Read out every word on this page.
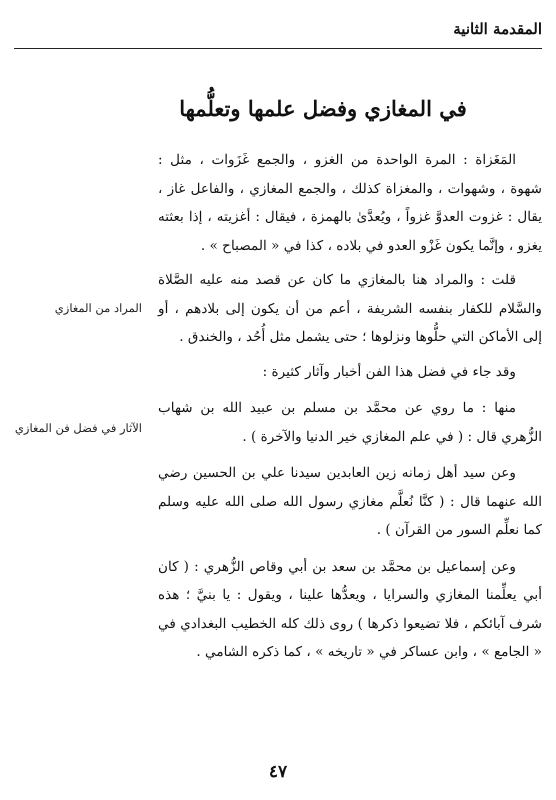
المقدمة الثانية
في المغازي وفضل علمها وتعلُّمها

المَغَزاة : المرة الواحدة من الغزو ، والجمع غَزَوات ، مثل : شهوة ، وشهوات ، والمغزاة كذلك ، والجمع المغازي ، والفاعل غاز ، يقال : غزوت العدوَّ غزواً ، ويُعدَّىٰ بالهمزة ، فيقال : أغزيته ، إذا بعثته يغزو ، وإنَّما يكون غَزْو العدو في بلاده ، كذا في « المصباح » .

قلت : والمراد هنا بالمغازي ما كان عن قصد منه عليه الصَّلاة والسَّلام للكفار بنفسه الشريفة ، أعم من أن يكون إلى بلادهم ، أو إلى الأماكن التي حلُّوها ونزلوها ؛ حتى يشمل مثل أُحُد ، والخندق .

وقد جاء في فضل هذا الفن أخبار وآثار كثيرة :

منها : ما روي عن محمَّد بن مسلم بن عبيد الله بن شهاب الزُّهري قال : ( في علم المغازي خير الدنيا والآخرة ) .

وعن سيد أهل زمانه زين العابدين سيدنا علي بن الحسين رضي الله عنهما قال : ( كنَّا نُعلَّم مغازي رسول الله صلى الله عليه وسلم كما نعلِّم السور من القرآن ) .

وعن إسماعيل بن محمَّد بن سعد بن أبي وقاص الزُّهري : ( كان أبي يعلِّمنا المغازي والسرايا ، ويعدُّها علينا ، ويقول : يا بنيَّ ؛ هذه شرف آبائكم ، فلا تضيعوا ذكرها ) روى ذلك كله الخطيب البغدادي في « الجامع » ، وابن عساكر في « تاريخه » ، كما ذكره الشامي .

المراد من المغازي
الآثار في فضل فن المغازي
٤٧
